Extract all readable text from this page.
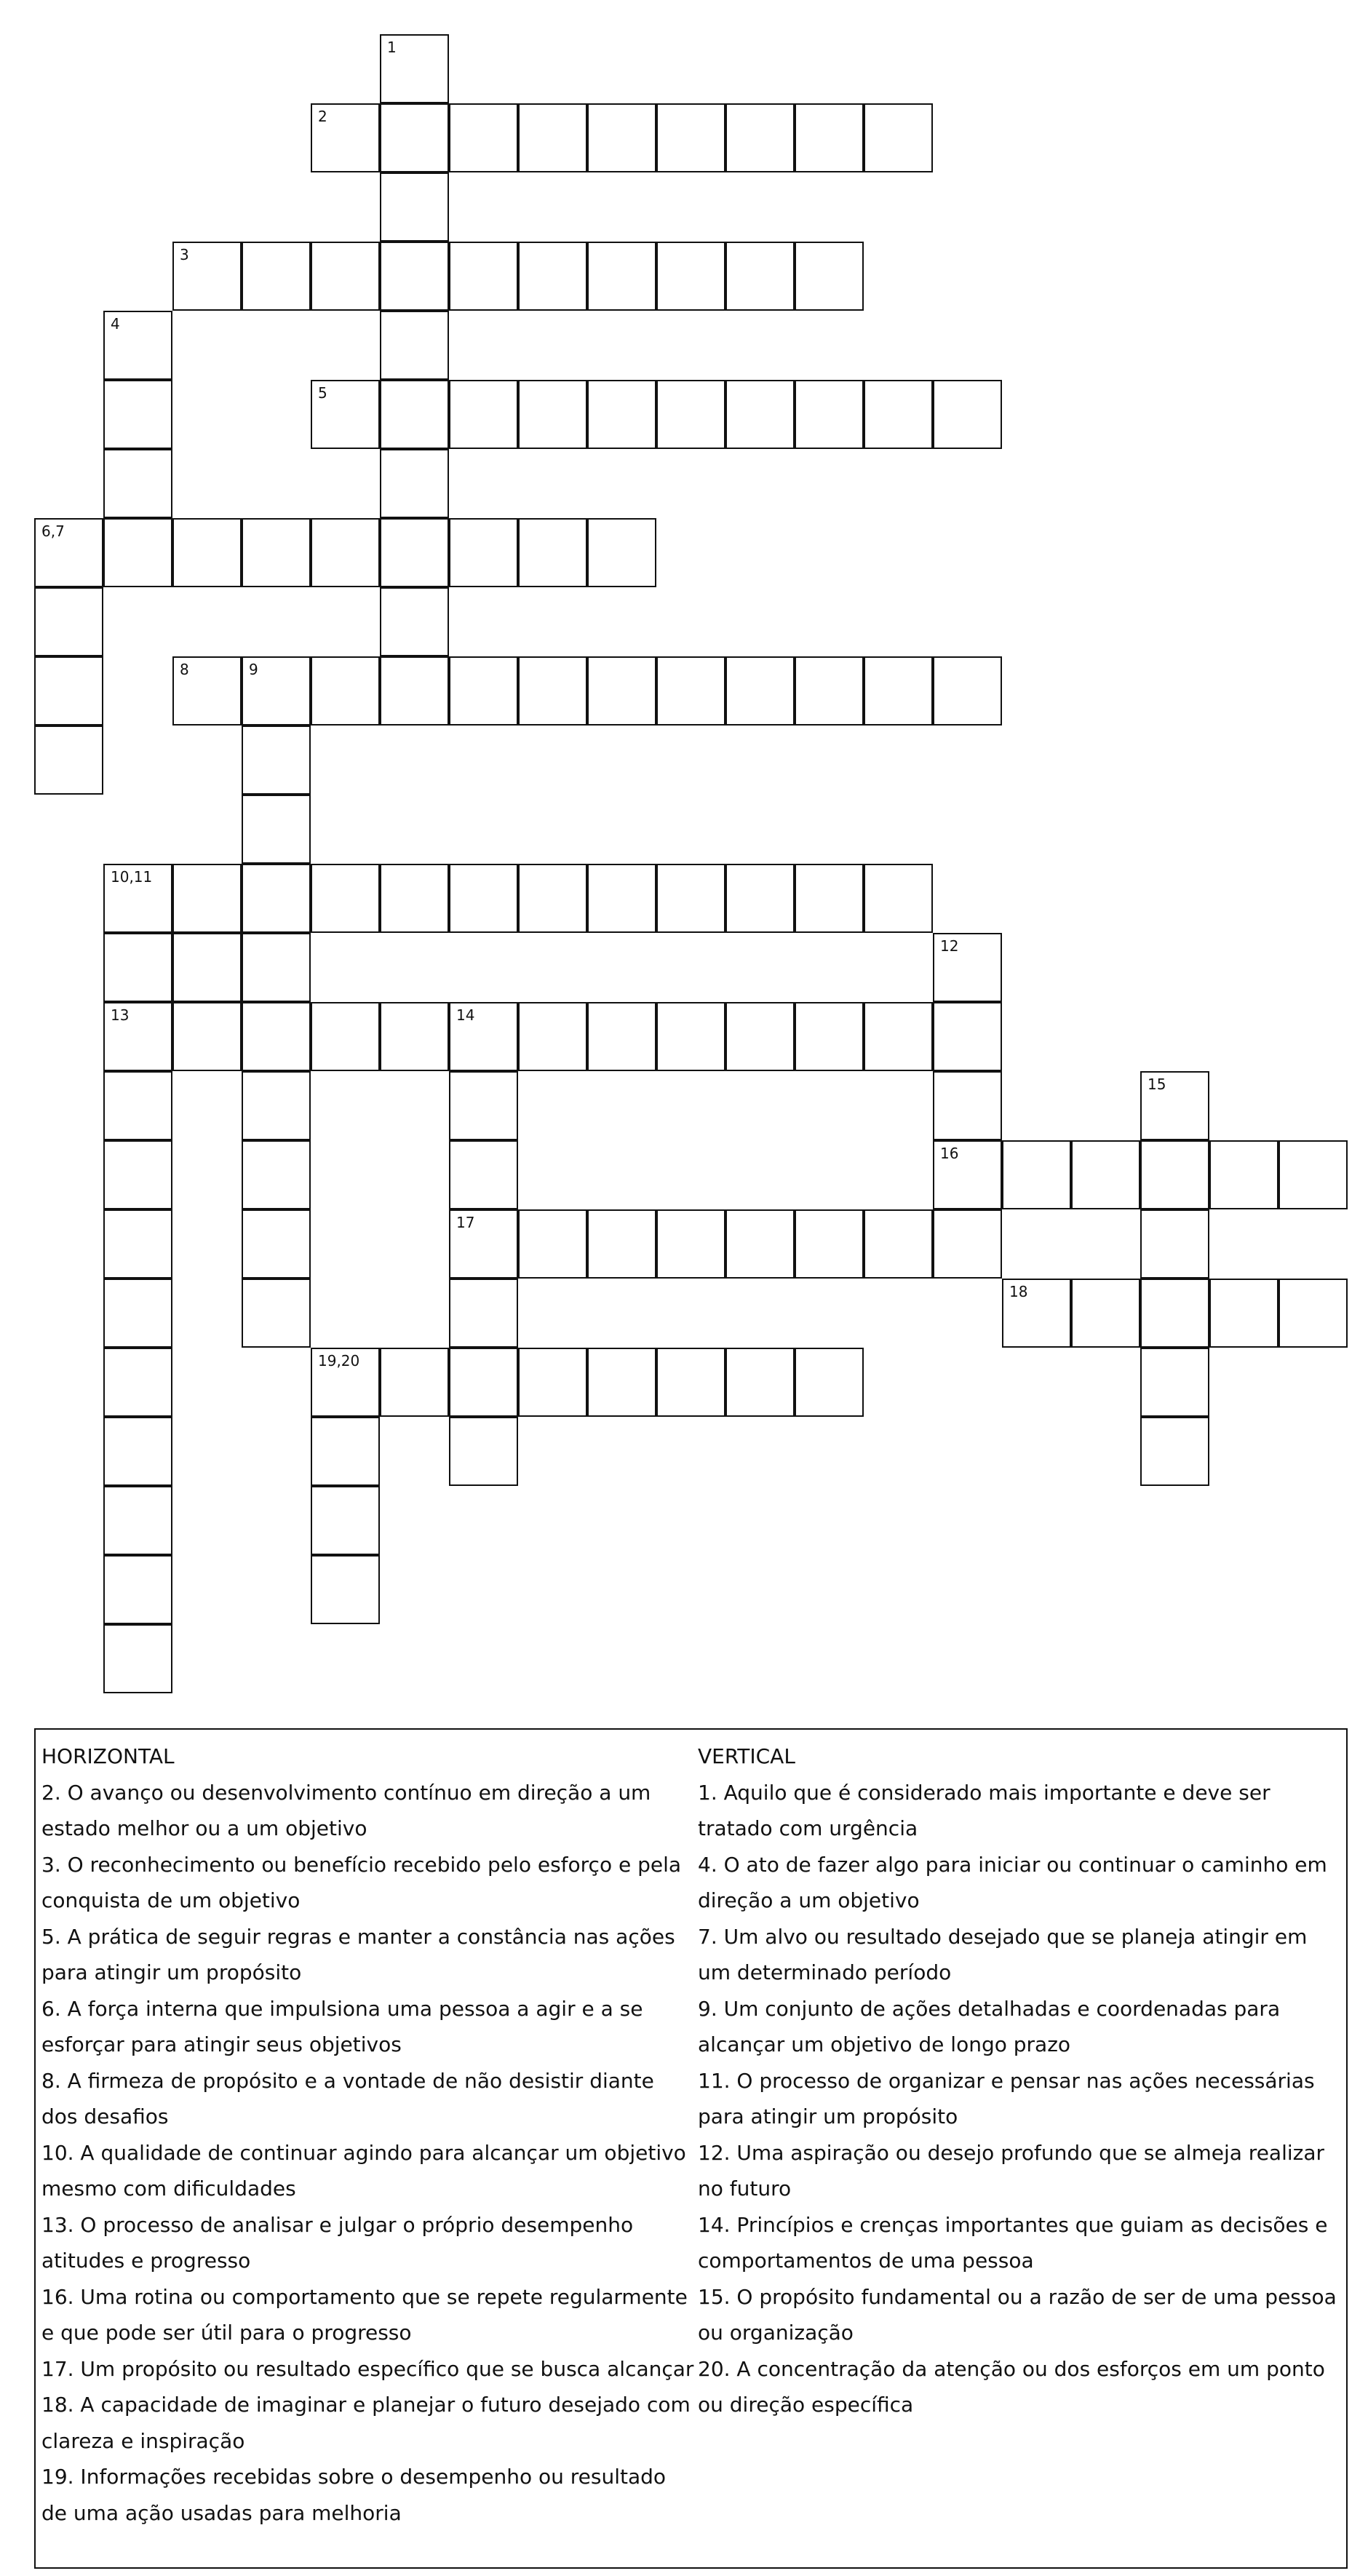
1
2
3
4
5
6,7
8	9
10,11
12
13	14
15
16
17
18
19,20
HORIZONTAL

2. O avanço ou desenvolvimento contínuo em direção a um estado melhor ou a um objetivo

3. O reconhecimento ou benefício recebido pelo esforço e pela conquista de um objetivo

5. A prática de seguir regras e manter a constância nas ações para atingir um propósito

6. A força interna que impulsiona uma pessoa a agir e a se esforçar para atingir seus objetivos

8. A firmeza de propósito e a vontade de não desistir diante dos desafios

10. A qualidade de continuar agindo para alcançar um objetivo mesmo com dificuldades

13. O processo de analisar e julgar o próprio desempenho atitudes e progresso

16. Uma rotina ou comportamento que se repete regularmente e que pode ser útil para o progresso

17. Um propósito ou resultado específico que se busca alcançar

18. A capacidade de imaginar e planejar o futuro desejado com clareza e inspiração

19. Informações recebidas sobre o desempenho ou resultado de uma ação usadas para melhoria

VERTICAL

1. Aquilo que é considerado mais importante e deve ser tratado com urgência

4. O ato de fazer algo para iniciar ou continuar o caminho em direção a um objetivo

7. Um alvo ou resultado desejado que se planeja atingir em um determinado período

9. Um conjunto de ações detalhadas e coordenadas para alcançar um objetivo de longo prazo

11. O processo de organizar e pensar nas ações necessárias para atingir um propósito

12. Uma aspiração ou desejo profundo que se almeja realizar no futuro

14. Princípios e crenças importantes que guiam as decisões e comportamentos de uma pessoa

15. O propósito fundamental ou a razão de ser de uma pessoa ou organização

20. A concentração da atenção ou dos esforços em um ponto ou direção específica
